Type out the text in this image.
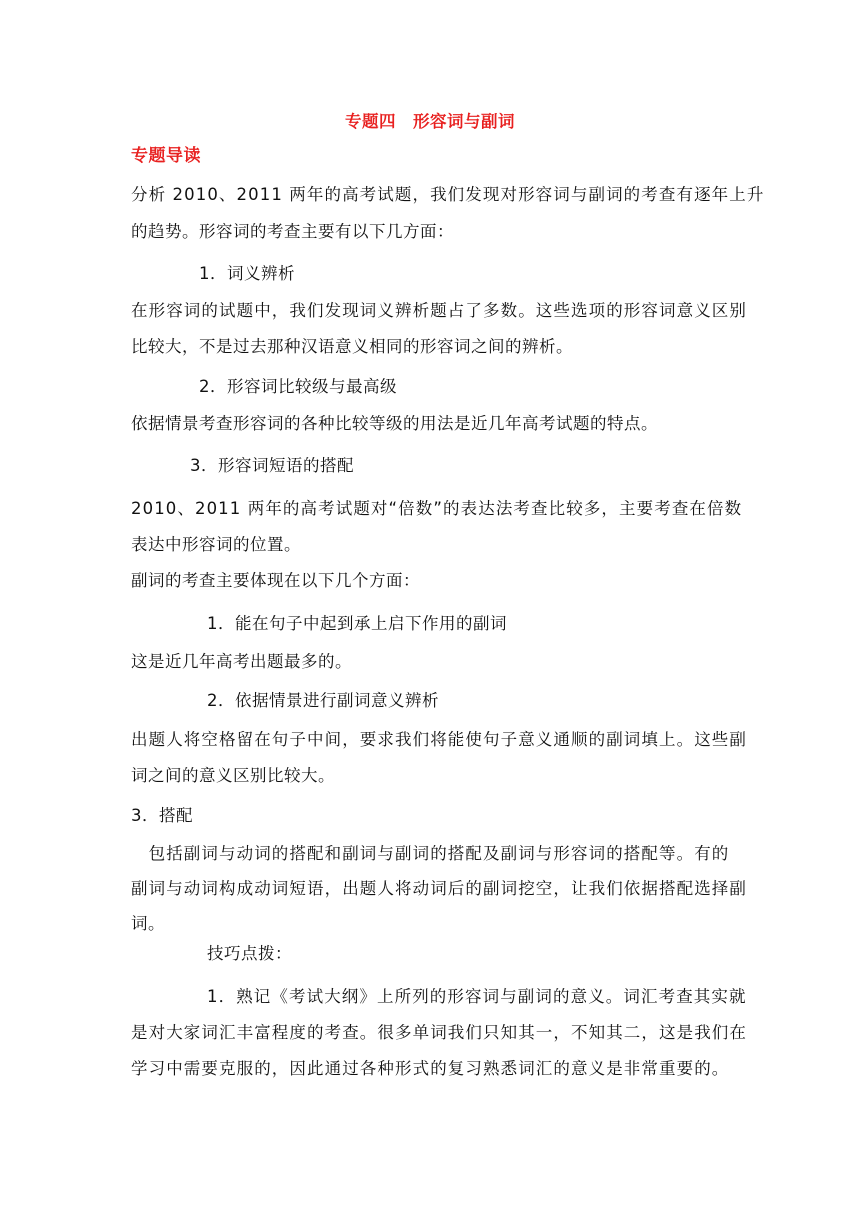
专题四　形容词与副词
专题导读
分析 2010、2011 两年的高考试题，我们发现对形容词与副词的考查有逐年上升
的趋势。形容词的考查主要有以下几方面：
1．词义辨析
在形容词的试题中，我们发现词义辨析题占了多数。这些选项的形容词意义区别
比较大，不是过去那种汉语意义相同的形容词之间的辨析。
2．形容词比较级与最高级
依据情景考查形容词的各种比较等级的用法是近几年高考试题的特点。
3．形容词短语的搭配
2010、2011 两年的高考试题对“倍数”的表达法考查比较多，主要考查在倍数
表达中形容词的位置。
副词的考查主要体现在以下几个方面：
1．能在句子中起到承上启下作用的副词
这是近几年高考出题最多的。
2．依据情景进行副词意义辨析
出题人将空格留在句子中间，要求我们将能使句子意义通顺的副词填上。这些副
词之间的意义区别比较大。
3．搭配
　包括副词与动词的搭配和副词与副词的搭配及副词与形容词的搭配等。有的
副词与动词构成动词短语，出题人将动词后的副词挖空，让我们依据搭配选择副
词。
技巧点拨：
1．熟记《考试大纲》上所列的形容词与副词的意义。词汇考查其实就
是对大家词汇丰富程度的考查。很多单词我们只知其一，不知其二，这是我们在
学习中需要克服的，因此通过各种形式的复习熟悉词汇的意义是非常重要的。
